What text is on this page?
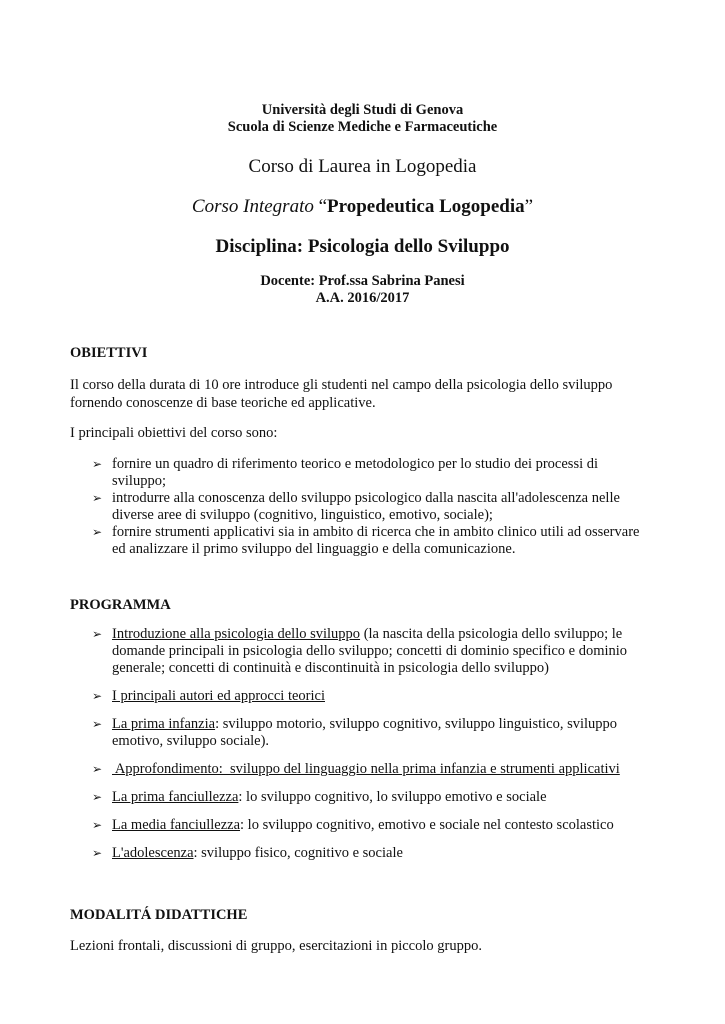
Università degli Studi di Genova
Scuola di Scienze Mediche e Farmaceutiche
Corso di Laurea in Logopedia
Corso Integrato “Propedeutica Logopedia”
Disciplina: Psicologia dello Sviluppo
Docente: Prof.ssa Sabrina Panesi
A.A. 2016/2017
OBIETTIVI
Il corso della durata di 10 ore introduce gli studenti nel campo della psicologia dello sviluppo
fornendo conoscenze di base teoriche ed applicative.
I principali obiettivi del corso sono:
➢ fornire un quadro di riferimento teorico e metodologico per lo studio dei processi di
sviluppo;
➢ introdurre alla conoscenza dello sviluppo psicologico dalla nascita all'adolescenza nelle
diverse aree di sviluppo (cognitivo, linguistico, emotivo, sociale);
➢ fornire strumenti applicativi sia in ambito di ricerca che in ambito clinico utili ad osservare
ed analizzare il primo sviluppo del linguaggio e della comunicazione.
PROGRAMMA
➢ Introduzione alla psicologia dello sviluppo (la nascita della psicologia dello sviluppo; le
domande principali in psicologia dello sviluppo; concetti di dominio specifico e dominio
generale; concetti di continuità e discontinuità in psicologia dello sviluppo)
➢ I principali autori ed approcci teorici
➢ La prima infanzia: sviluppo motorio, sviluppo cognitivo, sviluppo linguistico, sviluppo
emotivo, sviluppo sociale).
➢ Approfondimento:  sviluppo del linguaggio nella prima infanzia e strumenti applicativi
➢ La prima fanciullezza: lo sviluppo cognitivo, lo sviluppo emotivo e sociale
➢ La media fanciullezza: lo sviluppo cognitivo, emotivo e sociale nel contesto scolastico
➢ L'adolescenza: sviluppo fisico, cognitivo e sociale
MODALITÁ DIDATTICHE
Lezioni frontali, discussioni di gruppo, esercitazioni in piccolo gruppo.
